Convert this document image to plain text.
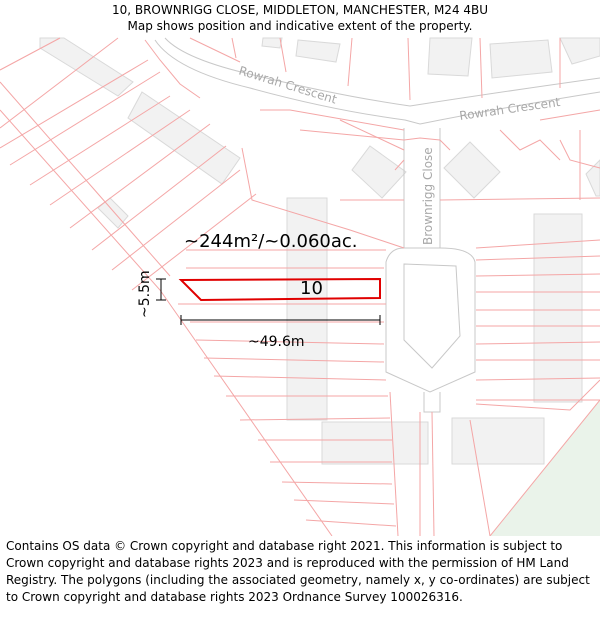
10, BROWNRIGG CLOSE, MIDDLETON, MANCHESTER, M24 4BU
Map shows position and indicative extent of the property.
Rowrah Crescent
Rowrah Crescent
Brownrigg Close
~244m²/~0.060ac.
10
~5.5m
~49.6m
Contains OS data © Crown copyright and database right 2021. This information is subject to Crown copyright and database rights 2023 and is reproduced with the permission of HM Land Registry. The polygons (including the associated geometry, namely x, y co-ordinates) are subject to Crown copyright and database rights 2023 Ordnance Survey 100026316.
